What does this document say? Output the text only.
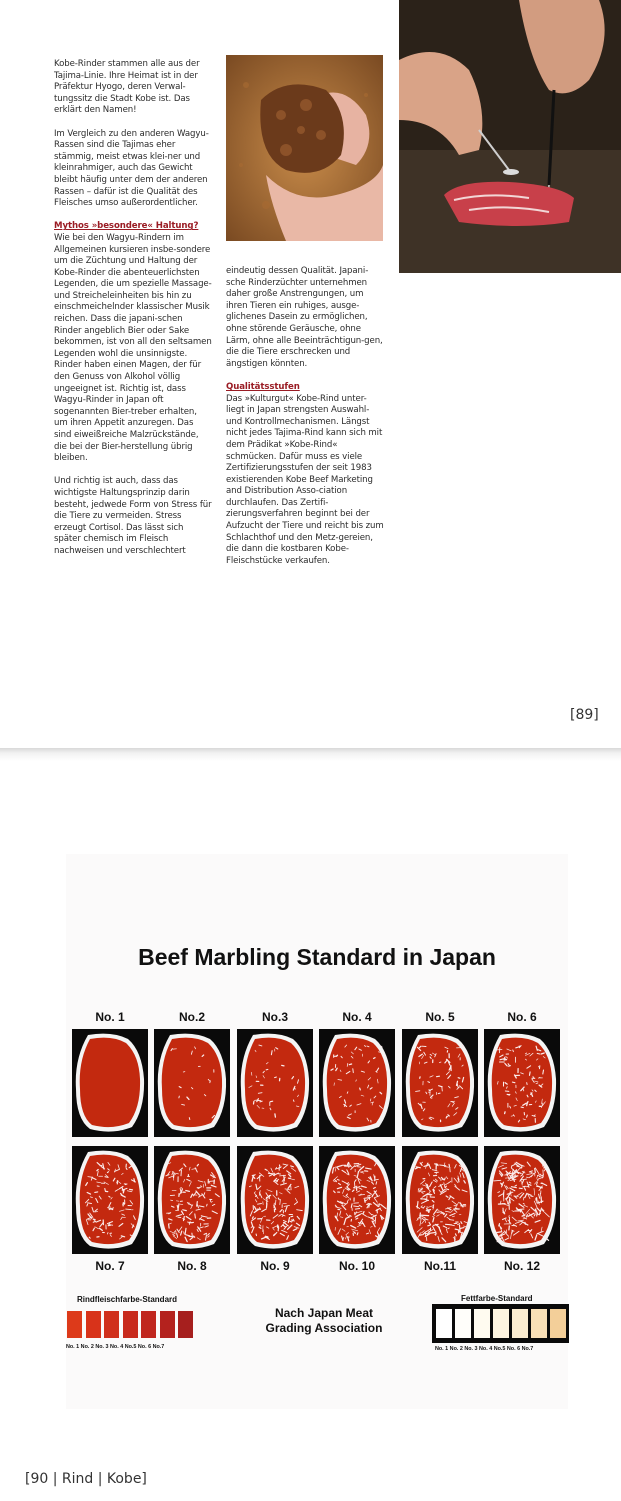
Kobe-Rinder stammen alle aus der Tajima-Linie. Ihre Heimat ist in der Präfektur Hyogo, deren Verwal-tungssitz die Stadt Kobe ist. Das erklärt den Namen!

Im Vergleich zu den anderen Wagyu-Rassen sind die Tajimas eher stämmig, meist etwas klei-ner und kleinrahmiger, auch das Gewicht bleibt häufig unter dem der anderen Rassen – dafür ist die Qualität des Fleisches umso außerordentlicher.

Mythos »besondere« Haltung?

Wie bei den Wagyu-Rindern im Allgemeinen kursieren insbe-sondere um die Züchtung und Haltung der Kobe-Rinder die abenteuerlichsten Legenden, die um spezielle Massage- und Streicheleinheiten bis hin zu einschmeichelnder klassischer Musik reichen. Dass die japani-schen Rinder angeblich Bier oder Sake bekommen, ist von all den seltsamen Legenden wohl die unsinnigste. Rinder haben einen Magen, der für den Genuss von Alkohol völlig ungeeignet ist. Richtig ist, dass Wagyu-Rinder in Japan oft sogenannten Bier-treber erhalten, um ihren Appetit anzuregen. Das sind eiweißreiche Malzrückstände, die bei der Bier-herstellung übrig bleiben.

Und richtig ist auch, dass das wichtigste Haltungsprinzip darin besteht, jedwede Form von Stress für die Tiere zu vermeiden. Stress erzeugt Cortisol. Das lässt sich später chemisch im Fleisch nachweisen und verschlechtert

eindeutig dessen Qualität. Japani-sche Rinderzüchter unternehmen daher große Anstrengungen, um ihren Tieren ein ruhiges, ausge-glichenes Dasein zu ermöglichen, ohne störende Geräusche, ohne Lärm, ohne alle Beeinträchtigun-gen, die die Tiere erschrecken und ängstigen könnten.

Qualitätsstufen

Das »Kulturgut« Kobe-Rind unter-liegt in Japan strengsten Auswahl- und Kontrollmechanismen. Längst nicht jedes Tajima-Rind kann sich mit dem Prädikat »Kobe-Rind« schmücken. Dafür muss es viele Zertifizierungsstufen der seit 1983 existierenden Kobe Beef Marketing and Distribution Asso-ciation durchlaufen. Das Zertifi-zierungsverfahren beginnt bei der Aufzucht der Tiere und reicht bis zum Schlachthof und den Metz-gereien, die dann die kostbaren Kobe-Fleischstücke verkaufen.

[89]
Beef Marbling Standard in Japan
No. 1	No.2	No.3	No. 4	No. 5	No. 6
No. 7	No. 8	No. 9	No. 10	No.11	No. 12
Rindfleischfarbe-Standard
No. 1 No. 2 No. 3 No. 4 No.5 No. 6 No.7
Nach Japan Meat
Grading Association
Fettfarbe-Standard
No. 1 No. 2 No. 3 No. 4 No.5 No. 6 No.7
[90 | Rind | Kobe]
